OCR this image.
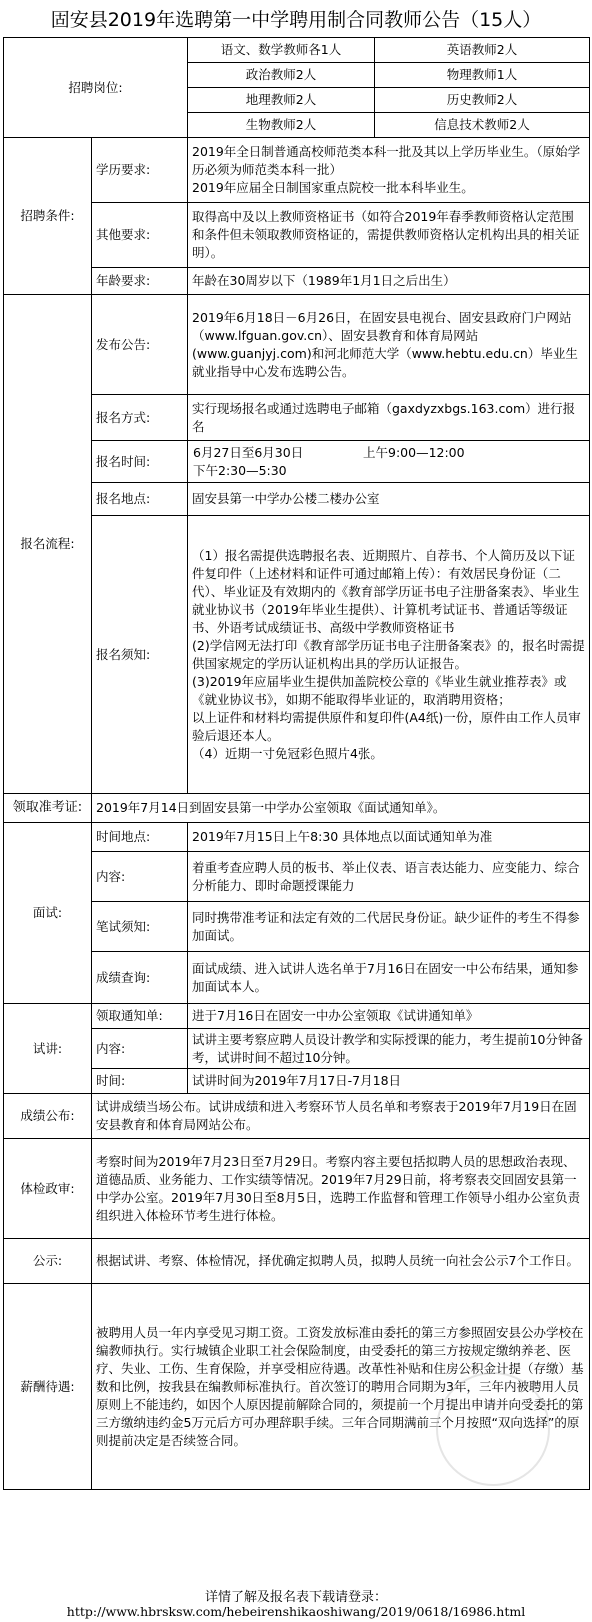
固安县2019年选聘第一中学聘用制合同教师公告（15人）
招聘岗位:		语文、数学教师各1人	英语教师2人
		政治教师2人	物理教师1人
		地理教师2人	历史教师2人
		生物教师2人	信息技术教师2人
招聘条件:	学历要求:	2019年全日制普通高校师范类本科一批及其以上学历毕业生。（原始学历必须为师范类本科一批）
2019年应届全日制国家重点院校一批本科毕业生。	
	其他要求:	取得高中及以上教师资格证书（如符合2019年春季教师资格认定范围和条件但未领取教师资格证的，需提供教师资格认定机构出具的相关证明）。	
	年龄要求:	年龄在30周岁以下（1989年1月1日之后出生）	
报名流程:	发布公告:	2019年6月18日－6月26日，在固安县电视台、固安县政府门户网站（www.lfguan.gov.cn）、固安县教育和体育局网站(www.guanjyj.com)和河北师范大学（www.hebtu.edu.cn）毕业生就业指导中心发布选聘公告。	
	报名方式:	实行现场报名或通过选聘电子邮箱（gaxdyzxbgs.163.com）进行报名	
	报名时间:	6月27日至6月30日 上午9:00—12:00
下午2:30—5:30	

	报名地点:	固安县第一中学办公楼二楼办公室	
	报名须知:	（1）报名需提供选聘报名表、近期照片、自荐书、个人简历及以下证件复印件（上述材料和证件可通过邮箱上传）：有效居民身份证（二代）、毕业证及有效期内的《教育部学历证书电子注册备案表》、毕业生就业协议书（2019年毕业生提供）、计算机考试证书、普通话等级证书、外语考试成绩证书、高级中学教师资格证书
(2)学信网无法打印《教育部学历证书电子注册备案表》的，报名时需提供国家规定的学历认证机构出具的学历认证报告。
(3)2019年应届毕业生提供加盖院校公章的《毕业生就业推荐表》或《就业协议书》，如期不能取得毕业证的，取消聘用资格；
以上证件和材料均需提供原件和复印件(A4纸)一份，原件由工作人员审验后退还本人。
（4）近期一寸免冠彩色照片4张。	
领取准考证:	2019年7月14日到固安县第一中学办公室领取《面试通知单》。		
面试:	时间地点:	2019年7月15日上午8:30 具体地点以面试通知单为准	
	内容:	着重考查应聘人员的板书、举止仪表、语言表达能力、应变能力、综合分析能力、即时命题授课能力	
	笔试须知:	同时携带准考证和法定有效的二代居民身份证。缺少证件的考生不得参加面试。	
	成绩查询:	面试成绩、进入试讲人选名单于7月16日在固安一中公布结果，通知参加面试本人。	
试讲:	领取通知单:	进于7月16日在固安一中办公室领取《试讲通知单》	
	内容:	试讲主要考察应聘人员设计教学和实际授课的能力，考生提前10分钟备考，试讲时间不超过10分钟。	
	时间:	试讲时间为2019年7月17日-7月18日	
成绩公布:	试讲成绩当场公布。试讲成绩和进入考察环节人员名单和考察表于2019年7月19日在固安县教育和体育局网站公布。		
体检政审:	考察时间为2019年7月23日至7月29日。考察内容主要包括拟聘人员的思想政治表现、道德品质、业务能力、工作实绩等情况。2019年7月29日前，将考察表交回固安县第一中学办公室。2019年7月30日至8月5日，选聘工作监督和管理工作领导小组办公室负责组织进入体检环节考生进行体检。		
公示:	根据试讲、考察、体检情况，择优确定拟聘人员，拟聘人员统一向社会公示7个工作日。		
薪酬待遇:	被聘用人员一年内享受见习期工资。工资发放标准由委托的第三方参照固安县公办学校在编教师执行。实行城镇企业职工社会保险制度，由受委托的第三方按规定缴纳养老、医疗、失业、工伤、生育保险，并享受相应待遇。改革性补贴和住房公积金计提（存缴）基数和比例，按我县在编教师标准执行。首次签订的聘用合同期为3年，三年内被聘用人员原则上不能违约，如因个人原因提前解除合同的，须提前一个月提出申请并向受委托的第三方缴纳违约金5万元后方可办理辞职手续。三年合同期满前三个月按照“双向选择”的原则提前决定是否续签合同。		
详情了解及报名表下载请登录：
http://www.hbrsksw.com/hebeirenshikaoshiwang/2019/0618/16986.html
